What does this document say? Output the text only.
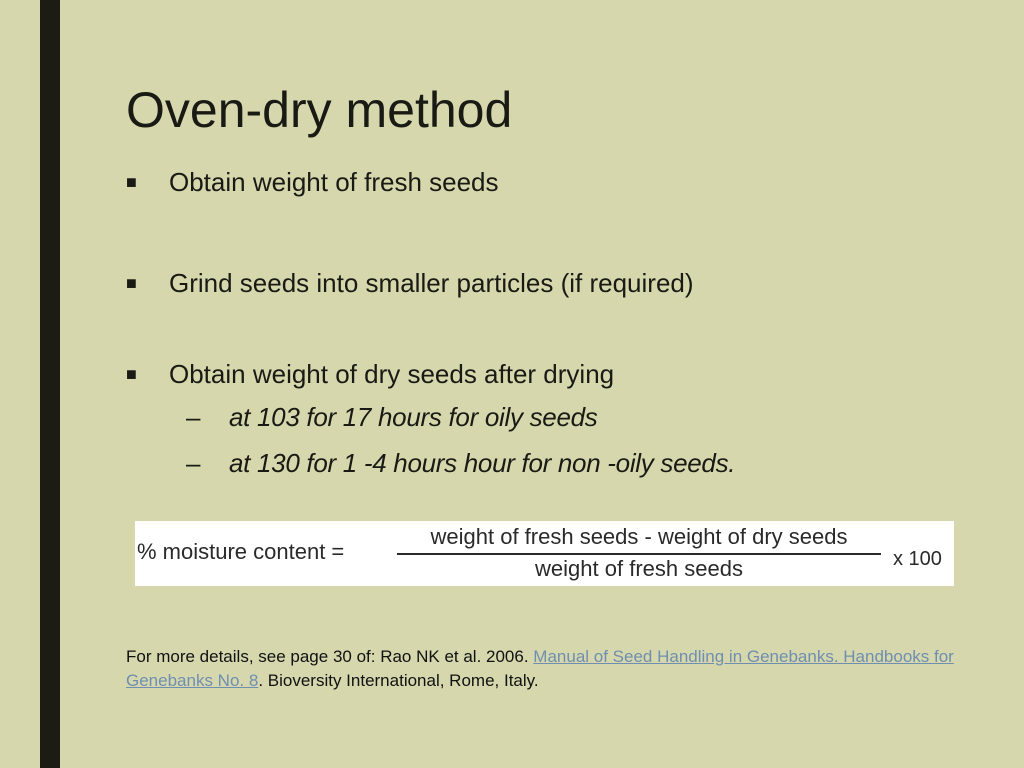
Oven-dry method
■ Obtain weight of fresh seeds
■ Grind seeds into smaller particles (if required)
■ Obtain weight of dry seeds after drying
– at 103 for 17 hours for oily seeds
– at 130 for 1 -4 hours hour for non -oily seeds.
% moisture content =
weight of fresh seeds - weight of dry seeds
weight of fresh seeds	x 100
For more details, see page 30 of: Rao NK et al. 2006. Manual of Seed Handling in Genebanks. Handbooks for Genebanks No. 8. Bioversity International, Rome, Italy.
